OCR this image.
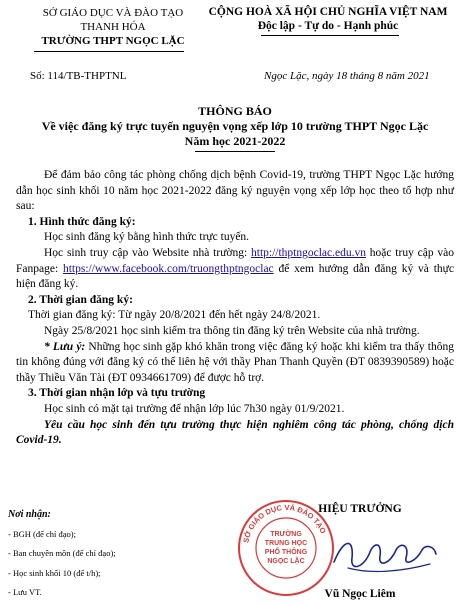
SỞ GIÁO DỤC VÀ ĐÀO TẠO
THANH HÓA
TRƯỜNG THPT NGỌC LẶC
CỘNG HOÀ XÃ HỘI CHỦ NGHĨA VIỆT NAM
Độc lập - Tự do - Hạnh phúc
Số: 114/TB-THPTNL	Ngọc Lặc, ngày 18 tháng 8 năm 2021
THÔNG BÁO
Về việc đăng ký trực tuyến nguyện vọng xếp lớp 10 trường THPT Ngọc Lặc
Năm học 2021-2022

Để đảm bảo công tác phòng chống dịch bệnh Covid-19, trường THPT Ngọc Lặc hướng dẫn học sinh khối 10 năm học 2021-2022 đăng ký nguyện vọng xếp lớp học theo tổ hợp như sau:

1. Hình thức đăng ký:

Học sinh đăng ký bằng hình thức trực tuyến.

Học sinh truy cập vào Website nhà trường: http://thptngoclac.edu.vn hoặc truy cập vào Fanpage: https://www.facebook.com/truongthptngoclac để xem hướng dẫn đăng ký và thực hiện đăng ký.

2. Thời gian đăng ký:

Thời gian đăng ký: Từ ngày 20/8/2021 đến hết ngày 24/8/2021.

Ngày 25/8/2021 học sinh kiểm tra thông tin đăng ký trên Website của nhà trường.

* Lưu ý: Những học sinh gặp khó khăn trong việc đăng ký hoặc khi kiểm tra thấy thông tin không đúng với đăng ký có thể liên hệ với thầy Phan Thanh Quyền (ĐT 0839390589) hoặc thầy Thiều Văn Tài (ĐT 0934661709) để được hỗ trợ.

3. Thời gian nhận lớp và tựu trường

Học sinh có mặt tại trường để nhận lớp lúc 7h30 ngày 01/9/2021.

Yêu cầu học sinh đến tựu trường thực hiện nghiêm công tác phòng, chống dịch Covid-19.

Nơi nhận:
- BGH (để chỉ đạo);
- Ban chuyên môn (để chỉ đạo);
- Học sinh khối 10 (để t/h);
- Lưu VT.
HIỆU TRƯỞNG
SỞ GIÁO DỤC VÀ ĐÀO TẠO
TRƯỜNG
TRUNG HỌC
PHỔ THÔNG
NGỌC LẶC
Vũ Ngọc Liêm
